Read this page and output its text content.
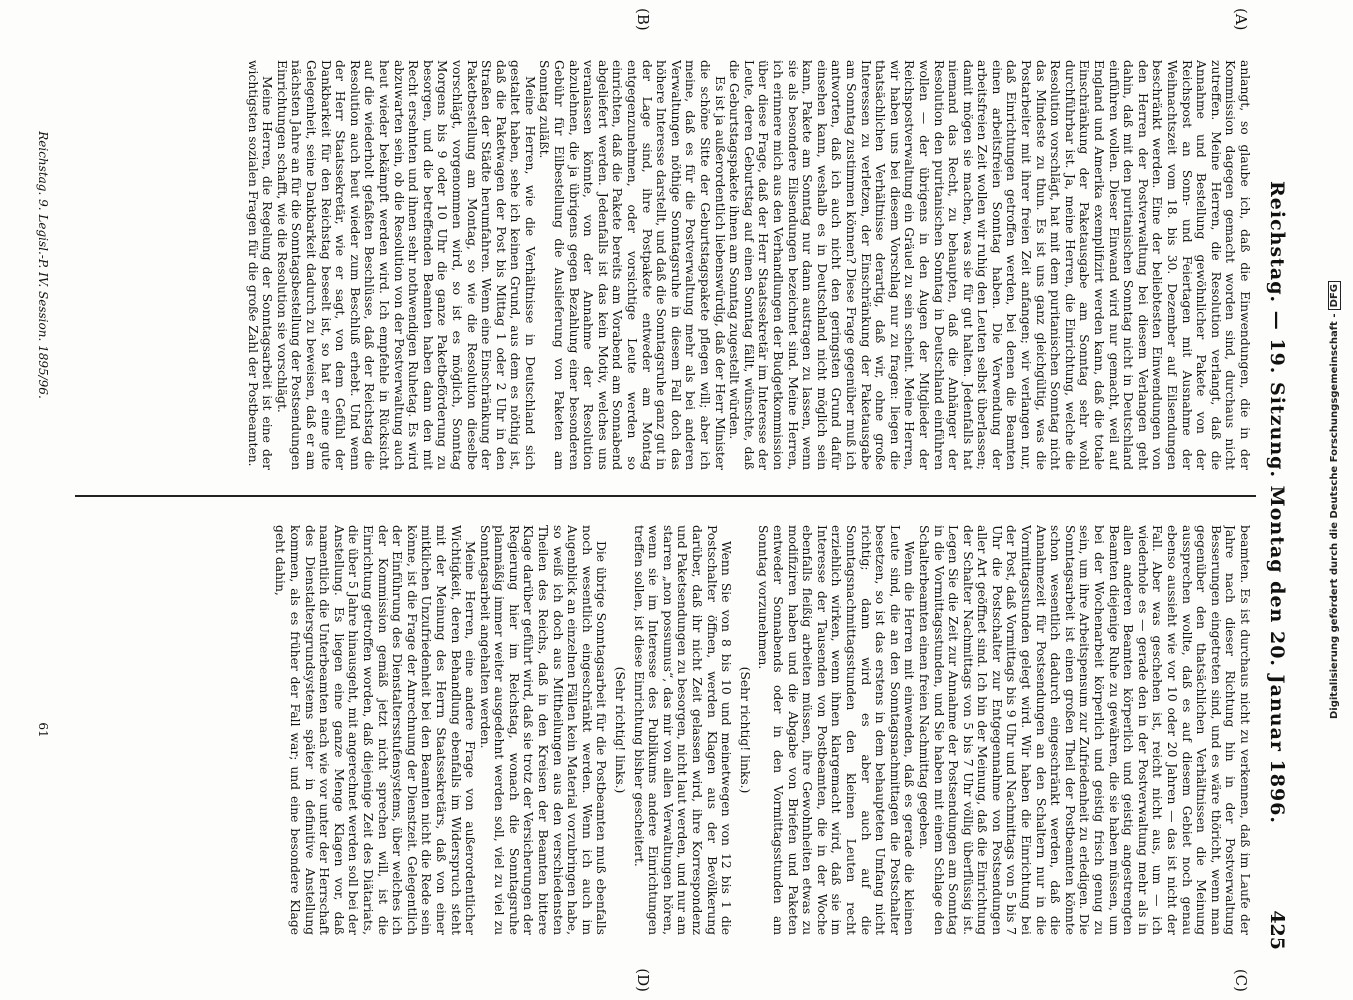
Reichstag. — 19. Sitzung. Montag den 20. Januar 1896.
425
(A)
(B)
(C)
(D)

anlangt, so glaube ich, daß die Einwendungen, die in der Kommission dagegen gemacht worden sind, durchaus nicht zutreffen. Meine Herren, die Resolution verlangt, daß die Annahme und Bestellung gewöhnlicher Pakete von der Reichspost an Sonn- und Feiertagen mit Ausnahme der Weihnachtszeit vom 18. bis 30. Dezember auf Eilsendungen beschränkt werden. Eine der beliebtesten Einwendungen von den Herren der Postverwaltung bei diesem Verlangen geht dahin, daß mit den puritanischen Sonntag nicht in Deutschland einführen wollen. Dieser Einwand wird nur gemacht, weil auf England und Amerika exemplifizirt werden kann, daß die totale Einschränkung der Paketausgabe am Sonntag sehr wohl durchführbar ist. Ja, meine Herren, die Einrichtung, welche die Resolution vorschlägt, hat mit dem puritanischen Sonntag nicht das Mindeste zu thun. Es ist uns ganz gleichgültig, was die Postarbeiter mit ihrer freien Zeit anfangen; wir verlangen nur, daß Einrichtungen getroffen werden, bei denen die Beamten einen arbeitsfreien Sonntag haben. Die Verwendung der arbeitsfreien Zeit wollen wir ruhig den Leuten selbst überlassen; damit mögen sie machen, was sie für gut halten. Jedenfalls hat niemand das Recht, zu behaupten, daß die Anhänger der Resolution den puritanischen Sonntag in Deutschland einführen wollen — der übrigens in den Augen der Mitglieder der Reichspostverwaltung ein Gräuel zu sein scheint. Meine Herren, wir haben uns bei diesem Vorschlag nur zu fragen: liegen die thatsächlichen Verhältnisse derartig, daß wir, ohne große Interessen zu verletzen, der Einschränkung der Paketausgabe am Sonntag zustimmen können? Diese Frage gegenüber muß ich antworten, daß ich auch nicht den geringsten Grund dafür einsehen kann, weshalb es in Deutschland nicht möglich sein kann, Pakete am Sonntag nur dann austragen zu lassen, wenn sie als besondere Eilsendungen bezeichnet sind. Meine Herren, ich erinnere mich aus den Verhandlungen der Budgetkommission über diese Frage, daß der Herr Staatssekretär im Interesse der Leute, deren Geburtstag auf einen Sonntag fällt, wünschte, daß die Geburtstagspakete ihnen am Sonntag zugestellt würden.

Es ist ja außerordentlich liebenswürdig, daß der Herr Minister die schöne Sitte der Geburtstagspakete pflegen will; aber ich meine, daß es für die Postverwaltung mehr als bei anderen Verwaltungen nöthige Sonntagsruhe in diesem Fall doch das höhere Interesse darstellt, und daß die Sonntagsruhe ganz gut in der Lage sind, ihre Postpakete entweder am Montag entgegenzunehmen, oder vorsichtige Leute werden so einrichten, daß die Pakete bereits am Vorabend am Sonnabend abgeliefert werden. Jedenfalls ist das kein Motiv, welches uns veranlassen könnte, von der Annahme der Resolution abzulehnen, die ja übrigens gegen Bezahlung einer besonderen Gebühr für Eilbestellung die Auslieferung von Paketen am Sonntag zuläßt.

Meine Herren, wie die Verhältnisse in Deutschland sich gestaltet haben, sehe ich keinen Grund, aus dem es nöthig ist, daß die Paketwagen der Post bis Mittag 1 oder 2 Uhr in den Straßen der Städte herumfahren. Wenn eine Einschränkung der Paketbestellung am Montag, so wie die Resolution dieselbe vorschlägt, vorgenommen wird, so ist es möglich, Sonntag Morgens bis 9 oder 10 Uhr die ganze Paketbeförderung zu besorgen, und die betreffenden Beamten haben dann den mit Recht ersehnten und ihnen sehr nothwendigen Ruhetag. Es wird abzuwarten sein, ob die Resolution von der Postverwaltung auch heut wieder bekämpft werden wird. Ich empfehle in Rücksicht auf die wiederholt gefaßten Beschlüsse, daß der Reichstag die Resolution auch heut wieder zum Beschluß erhebt. Und wenn der Herr Staatssekretär, wie er sagt, von dem Gefühl der Dankbarkeit für den Reichstag beseelt ist, so hat er eine gute Gelegenheit, seine Dankbarkeit dadurch zu beweisen, daß er am nächsten Jahre an für die Sonntagsbestellung der Postsendungen Einrichtungen schafft, wie die Resolution sie vorschlägt.

Meine Herren, die Regelung der Sonntagsarbeit ist eine der wichtigsten sozialen Fragen für die große Zahl der Postbeamten.

beamten. Es ist durchaus nicht zu verkennen, daß im Laufe der Jahre nach dieser Richtung hin in der Postverwaltung Besserungen eingetreten sind, und es wäre thöricht, wenn man gegenüber den thatsächlichen Verhältnissen die Meinung aussprechen wollte, daß es auf diesem Gebiet noch genau ebenso aussieht wie vor 10 oder 20 Jahren — das ist nicht der Fall. Aber was geschehen ist, reicht nicht aus, um — ich wiederhole es — gerade den in der Postverwaltung mehr als in allen anderen Beamten körperlich und geistig angestrengten Beamten diejenige Ruhe zu gewähren, die sie haben müssen, um bei der Wochenarbeit körperlich und geistig frisch genug zu sein, um ihre Arbeitspensum zur Zufriedenheit zu erledigen. Die Sonntagsarbeit ist einen großen Theil der Postbeamten könnte schon wesentlich dadurch eingeschränkt werden, daß die Annahmezeit für Postsendungen an den Schaltern nur in die Vormittagsstunden gelegt wird. Wir haben die Einrichtung bei der Post, daß Vormittags bis 9 Uhr und Nachmittags von 5 bis 7 Uhr die Postschalter zur Entgegennahme von Postsendungen aller Art geöffnet sind. Ich bin der Meinung, daß die Einrichtung der Schalter Nachmittags von 5 bis 7 Uhr völlig überflüssig ist. Legen Sie die Zeit zur Annahme der Postsendungen am Sonntag in die Vormittagsstunden, und Sie haben mit einem Schlage den Schalterbeamten einen freien Nachmittag gegeben.

Wenn die Herren mit einwenden, daß es gerade die kleinen Leute sind, die an den Sonntagsnachmittagen die Postschalter besetzen, so ist das erstens in dem behaupteten Umfang nicht richtig; dann wird es aber auch auf die Sonntagsnachmittagsstunden den kleinen Leuten recht erziehlich wirken, wenn ihnen klargemacht wird, daß sie im Interesse der Tausenden von Postbeamten, die in der Woche ebenfalls fleißig arbeiten müssen, ihre Gewohnheiten etwas zu modifiziren haben und die Abgabe von Briefen und Paketen entweder Sonnabends oder in den Vormittagsstunden am Sonntag vorzunehmen.

(Sehr richtig! links.)

Wenn Sie von 8 bis 10 und meinetwegen von 12 bis 1 die Postschalter öffnen, werden Klagen aus der Bevölkerung darüber, daß ihr nicht Zeit gelassen wird, ihre Korrespondenz und Paketsendungen zu besorgen, nicht laut werden, und nur am starren „non possumus“, das mir von allen Verwaltungen hören, wenn sie im Interesse des Publikums andere Einrichtungen treffen sollen, ist diese Einrichtung bisher gescheitert.

(Sehr richtig! links.)

Die übrige Sonntagsarbeit für die Postbeamten muß ebenfalls noch wesentlich eingeschränkt werden. Wenn ich auch im Augenblick an einzelnen Fällen kein Material vorzubringen habe, so weiß ich doch aus Mittheilungen aus den verschiedensten Theilen des Reichs, daß in den Kreisen der Beamten bittere Klage darüber geführt wird, daß sie trotz der Versicherungen der Regierung hier im Reichstag, wonach die Sonntagsruhe planmäßig immer weiter ausgedehnt werden soll, viel zu viel zu Sonntagsarbeit angehalten werden.

Meine Herren, eine andere Frage von außerordentlicher Wichtigkeit, deren Behandlung ebenfalls im Widerspruch steht mit der Meinung des Herrn Staatssekretärs, daß von einer mitklichen Unzufriedenheit bei den Beamten nicht die Rede sein könne, ist die Frage der Anrechnung der Dienstzeit. Gelegentlich der Einführung des Dienstaltersstufensystems, über welches ich der Kommission gemäß jetzt nicht sprechen will, ist die Einrichtung getroffen worden, daß diejenige Zeit des Diätariats, die über 5 Jahre hinausgeht, mit angerechnet werden soll bei der Anstellung. Es liegen eine ganze Menge Klagen vor, daß namentlich die Unterbeamten nach wie vor unter der Herrschaft des Dienstaltersgrundsystems später in definitive Anstellung kommen, als es früher der Fall war; und eine besondere Klage geht dahin,

Reichstag. 9. Legisl.-P. IV. Session. 1895/96.
61
Digitalisierung gefördert durch die Deutsche Forschungsgemeinschaft - DFG
